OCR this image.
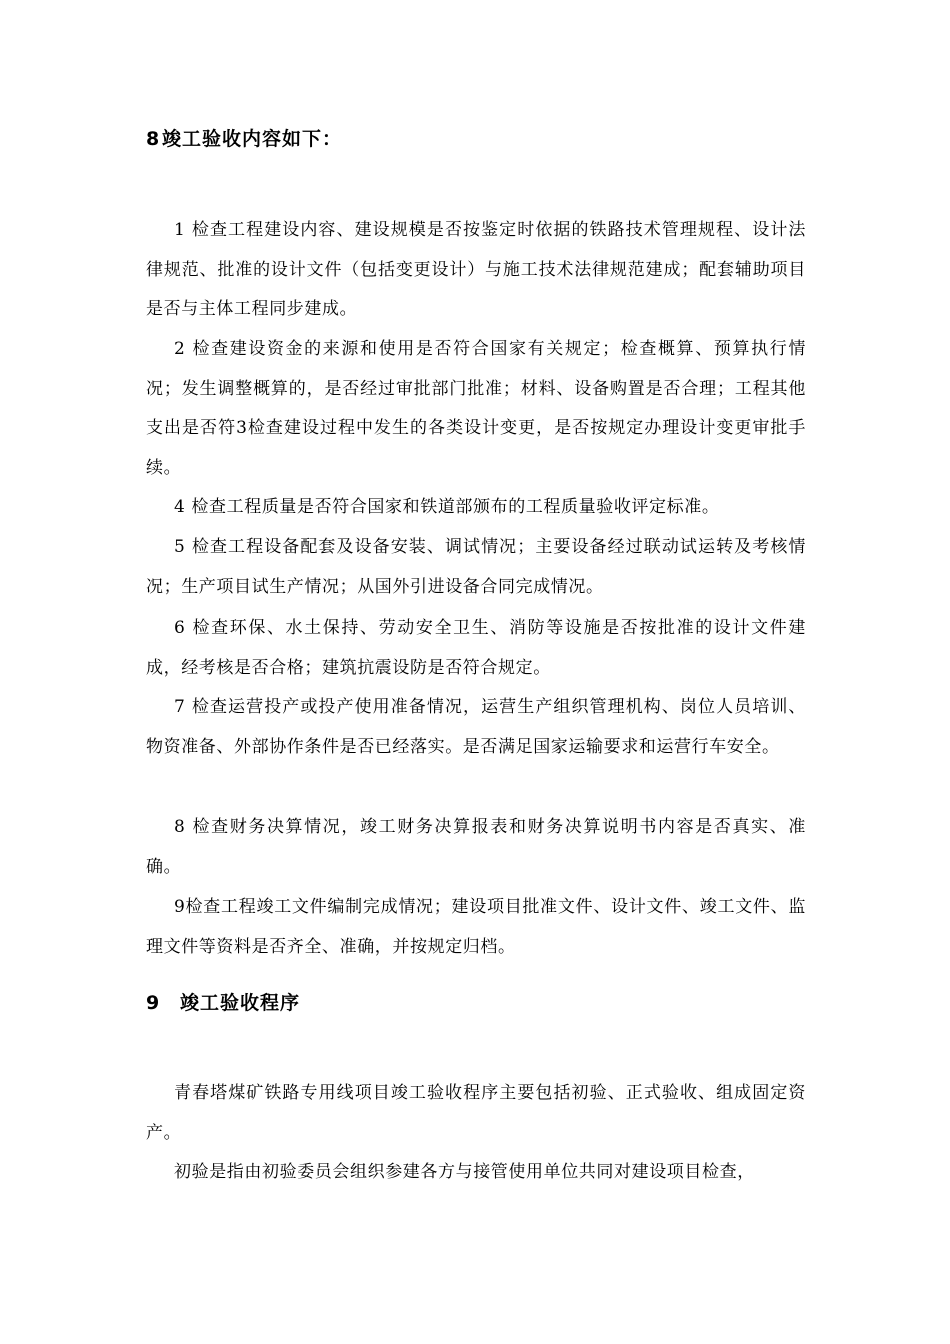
8竣工验收内容如下：

1 检查工程建设内容、建设规模是否按鉴定时依据的铁路技术管理规程、设计法律规范、批准的设计文件（包括变更设计）与施工技术法律规范建成；配套辅助项目是否与主体工程同步建成。

2 检查建设资金的来源和使用是否符合国家有关规定；检查概算、预算执行情况；发生调整概算的，是否经过审批部门批准；材料、设备购置是否合理；工程其他支出是否符3检查建设过程中发生的各类设计变更，是否按规定办理设计变更审批手续。

4 检查工程质量是否符合国家和铁道部颁布的工程质量验收评定标准。

5 检查工程设备配套及设备安装、调试情况；主要设备经过联动试运转及考核情况；生产项目试生产情况；从国外引进设备合同完成情况。

6 检查环保、水土保持、劳动安全卫生、消防等设施是否按批准的设计文件建成，经考核是否合格；建筑抗震设防是否符合规定。

7 检查运营投产或投产使用准备情况，运营生产组织管理机构、岗位人员培训、物资准备、外部协作条件是否已经落实。是否满足国家运输要求和运营行车安全。

8 检查财务决算情况，竣工财务决算报表和财务决算说明书内容是否真实、准确。

9检查工程竣工文件编制完成情况；建设项目批准文件、设计文件、竣工文件、监理文件等资料是否齐全、准确，并按规定归档。

9 竣工验收程序

青春塔煤矿铁路专用线项目竣工验收程序主要包括初验、正式验收、组成固定资产。

初验是指由初验委员会组织参建各方与接管使用单位共同对建设项目检查，
